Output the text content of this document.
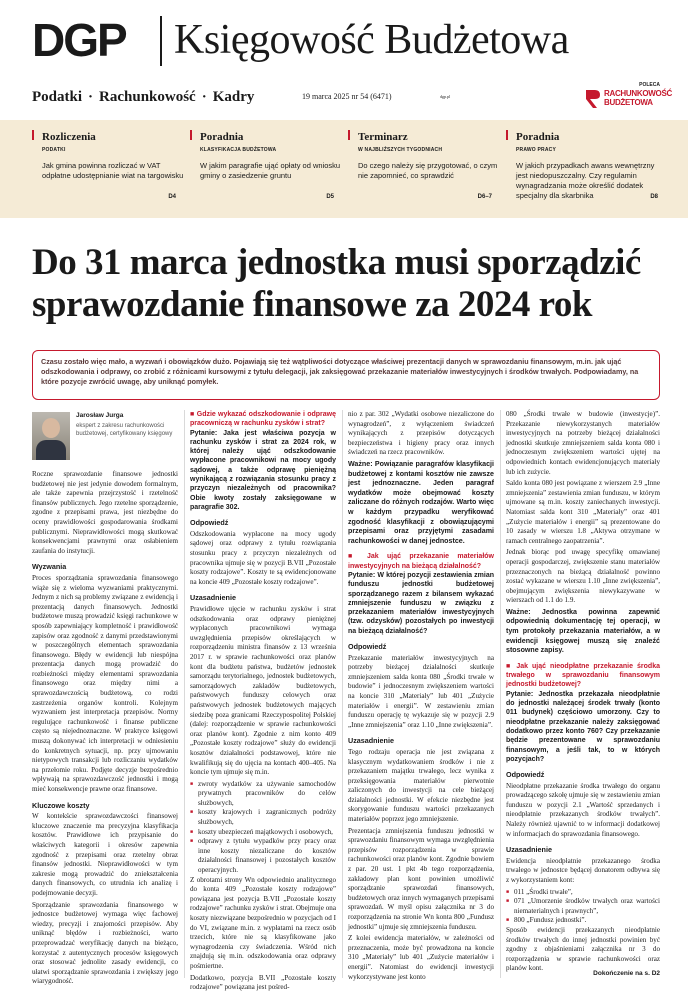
DGP Księgowość Budżetowa
Podatki · Rachunkowość · Kadry	19 marca 2025 nr 54 (6471)	dgp.pl
POLECA
RACHUNKOWOŚĆ
BUDŻETOWA
Rozliczenia
PODATKI
Jak gmina powinna rozliczać w VAT odpłatne udostępnianie wiat na targowisku
D4
Poradnia
KLASYFIKACJA BUDŻETOWA
W jakim paragrafie ująć opłaty od wniosku gminy o zasiedzenie gruntu
D5
Terminarz
W NAJBLIŻSZYCH TYGODNIACH
Do czego należy się przygotować, o czym nie zapomnieć, co sprawdzić
D6–7
Poradnia
PRAWO PRACY
W jakich przypadkach awans wewnętrzny jest niedopuszczalny. Czy regulamin wynagradzania może określić dodatek specjalny dla skarbnika	D8
Do 31 marca jednostka musi sporządzić sprawozdanie finansowe za 2024 rok
Czasu zostało więc mało, a wyzwań i obowiązków dużo. Pojawiają się też wątpliwości dotyczące właściwej prezentacji danych w sprawozdaniu finansowym, m.in. jak ująć odszkodowania i odprawy, co zrobić z różnicami kursowymi z tytułu delegacji, jak zaksięgować przekazanie materiałów inwestycyjnych i środków trwałych. Podpowiadamy, na które pozycje zwrócić uwagę, aby uniknąć pomyłek.
Jarosław Jurga
ekspert z zakresu rachunkowości budżetowej, certyfikowany księgowy

Roczne sprawozdanie finansowe jednostki budżetowej nie jest jedynie dowodem formalnym, ale także zapewnia przejrzystość i rzetelność finansów publicznych. Jego rzetelne sporządzenie, zgodne z przepisami prawa, jest niezbędne do oceny prawidłowości gospodarowania środkami publicznymi. Nieprawidłowości mogą skutkować konsekwencjami prawnymi oraz osłabieniem zaufania do instytucji.

Wyzwania

Proces sporządzania sprawozdania finansowego wiąże się z wieloma wyzwaniami praktycznymi. Jednym z nich są problemy związane z ewidencją i prezentacją danych finansowych. Jednostki budżetowe muszą prowadzić księgi rachunkowe w sposób zapewniający kompletność i prawidłowość zapisów oraz zgodność z danymi przedstawionymi w poszczególnych elementach sprawozdania finansowego. Błędy w ewidencji lub niespójna prezentacja danych mogą prowadzić do rozbieżności między elementami sprawozdania finansowego oraz między nimi a sprawozdawczością budżetową, co rodzi zastrzeżenia organów kontroli. Kolejnym wyzwaniem jest interpretacja przepisów. Normy regulujące rachunkowość i finanse publiczne często są niejednoznaczne. W praktyce księgowi muszą dokonywać ich interpretacji w odniesieniu do konkretnych sytuacji, np. przy ujmowaniu nietypowych transakcji lub rozliczaniu wydatków na przełomie roku. Podjęte decyzje bezpośrednio wpływają na sprawozdawczość jednostki i mogą mieć konsekwencje prawne oraz finansowe.

Kluczowe koszty

W kontekście sprawozdawczości finansowej kluczowe znaczenie ma precyzyjna klasyfikacja kosztów. Prawidłowe ich przypisanie do właściwych kategorii i okresów zapewnia zgodność z przepisami oraz rzetelny obraz finansów jednostki. Nieprawidłowości w tym zakresie mogą prowadzić do zniekształcenia danych finansowych, co utrudnia ich analizę i podejmowanie decyzji.

Sporządzanie sprawozdania finansowego w jednostce budżetowej wymaga więc fachowej wiedzy, precyzji i znajomości przepisów. Aby uniknąć błędów i rozbieżności, warto przeprowadzać weryfikację danych na bieżąco, korzystać z autentycznych procesów księgowych oraz stosować jednolite zasady ewidencji, co ułatwi sporządzanie sprawozdania i zwiększy jego wiarygodność.

■ Gdzie wykazać odszkodowanie i odprawę pracowniczą w rachunku zysków i strat?

Pytanie: Jaka jest właściwa pozycja w rachunku zysków i strat za 2024 rok, w której należy ująć odszkodowanie wypłacone pracownikowi na mocy ugody sądowej, a także odprawę pieniężną wynikającą z rozwiązania stosunku pracy z przyczyn niezależnych od pracownika? Obie kwoty zostały zaksięgowane w paragrafie 302.

Odpowiedź

Odszkodowania wypłacone na mocy ugody sądowej oraz odprawy z tytułu rozwiązania stosunku pracy z przyczyn niezależnych od pracownika ujmuje się w pozycji B.VII „Pozostałe koszty rodzajowe”. Koszty te są ewidencjonowane na koncie 409 „Pozostałe koszty rodzajowe”.

Uzasadnienie

Prawidłowe ujęcie w rachunku zysków i strat odszkodowania oraz odprawy pieniężnej wypłaconych pracownikowi wymaga uwzględnienia przepisów określających w rozporządzeniu ministra finansów z 13 września 2017 r. w sprawie rachunkowości oraz planów kont dla budżetu państwa, budżetów jednostek samorządu terytorialnego, jednostek budżetowych, samorządowych zakładów budżetowych, państwowych funduszy celowych oraz państwowych jednostek budżetowych mających siedzibę poza granicami Rzeczypospolitej Polskiej (dalej: rozporządzenie w sprawie rachunkowości oraz planów kont). Zgodnie z nim konto 409 „Pozostałe koszty rodzajowe” służy do ewidencji kosztów działalności podstawowej, które nie kwalifikują się do ujęcia na kontach 400–405. Na koncie tym ujmuje się m.in.

■ zwroty wydatków za używanie samochodów prywatnych pracowników do celów służbowych,
■ koszty krajowych i zagranicznych podróży służbowych,
■ koszty ubezpieczeń majątkowych i osobowych,
■ odprawy z tytułu wypadków przy pracy oraz inne koszty niezaliczane do kosztów działalności finansowej i pozostałych kosztów operacyjnych.

Z obrotami strony Wn odpowiednio analitycznego do konta 409 „Pozostałe koszty rodzajowe” powiązana jest pozycja B.VII „Pozostałe koszty rodzajowe” rachunku zysków i strat. Obejmuje ona koszty niezwiązane bezpośrednio w pozycjach od I do VI, związane m.in. z wypłatami na rzecz osób trzecich, które nie są klasyfikowane jako wynagrodzenia czy świadczenia. Wśród nich znajdują się m.in. odszkodowania oraz odprawy pośmiertne.

Dodatkowo, pozycja B.VII „Pozostałe koszty rodzajowe” powiązana jest pośred-

nio z par. 302 „Wydatki osobowe niezaliczone do wynagrodzeń”, z wyłączeniem świadczeń wynikających z przepisów dotyczących bezpieczeństwa i higieny pracy oraz innych świadczeń na rzecz pracowników.

Ważne: Powiązanie paragrafów klasyfikacji budżetowej z kontami kosztów nie zawsze jest jednoznaczne. Jeden paragraf wydatków może obejmować koszty zaliczane do różnych rodzajów. Warto więc w każdym przypadku weryfikować zgodność klasyfikacji z obowiązującymi przepisami oraz przyjętymi zasadami rachunkowości w danej jednostce.

■ Jak ująć przekazanie materiałów inwestycyjnych na bieżącą działalność?

Pytanie: W której pozycji zestawienia zmian funduszu jednostki budżetowej sporządzanego razem z bilansem wykazać zmniejszenie funduszu w związku z przekazaniem materiałów inwestycyjnych (tzw. odzysków) pozostałych po inwestycji na bieżącą działalność?

Odpowiedź

Przekazanie materiałów inwestycyjnych na potrzeby bieżącej działalności skutkuje zmniejszeniem salda konta 080 „Środki trwałe w budowie” i jednoczesnym zwiększeniem wartości na koncie 310 „Materiały” lub 401 „Zużycie materiałów i energii”. W zestawieniu zmian funduszu operację tę wykazuje się w pozycji 2.9 „Inne zmniejszenia” oraz 1.10 „Inne zwiększenia”.

Uzasadnienie

Tego rodzaju operacja nie jest związana z klasycznym wydatkowaniem środków i nie z przekazaniem majątku trwałego, lecz wynika z przeksięgowania materiałów pierwotnie zaliczonych do inwestycji na cele bieżącej działalności jednostki. W efekcie niezbędne jest skorygowanie funduszu wartości przekazanych materiałów poprzez jego zmniejszenie.

Prezentacja zmniejszenia funduszu jednostki w sprawozdaniu finansowym wymaga uwzględnienia przepisów rozporządzenia w sprawie rachunkowości oraz planów kont. Zgodnie bowiem z par. 20 ust. 1 pkt 4b tego rozporządzenia, zakładowy plan kont powinien umożliwić sporządzanie sprawozdań finansowych, budżetowych oraz innych wymaganych przepisami sprawozdań. W myśl opisu załącznika nr 3 do rozporządzenia na stronie Wn konta 800 „Fundusz jednostki” ujmuje się zmniejszenia funduszu.

Z kolei ewidencja materiałów, w zależności od przeznaczenia, może być prowadzona na koncie 310 „Materiały” lub 401 „Zużycie materiałów i energii”. Natomiast do ewidencji inwestycji wykorzystywane jest konto

080 „Środki trwałe w budowie (inwestycje)”. Przekazanie niewykorzystanych materiałów inwestycyjnych na potrzeby bieżącej działalności jednostki skutkuje zmniejszeniem salda konta 080 i jednoczesnym zwiększeniem wartości ujętej na odpowiednich kontach ewidencjonujących materiały lub ich zużycie.

Saldo konta 080 jest powiązane z wierszem 2.9 „Inne zmniejszenia” zestawienia zmian funduszu, w którym ujmowane są m.in. koszty zaniechanych inwestycji. Natomiast salda kont 310 „Materiały” oraz 401 „Zużycie materiałów i energii” są prezentowane do 10 zasady w wierszu 1.8 „Aktywa otrzymane w ramach centralnego zaopatrzenia”.

Jednak biorąc pod uwagę specyfikę omawianej operacji gospodarczej, zwiększenie stanu materiałów przeznaczonych na bieżącą działalność powinno zostać wykazane w wierszu 1.10 „Inne zwiększenia”, obejmującym zwiększenia niewykazywane w wierszach od 1.1 do 1.9.

Ważne: Jednostka powinna zapewnić odpowiednią dokumentację tej operacji, w tym protokoły przekazania materiałów, a w ewidencji księgowej muszą się znaleźć stosowne zapisy.

■ Jak ująć nieodpłatne przekazanie środka trwałego w sprawozdaniu finansowym jednostki budżetowej?

Pytanie: Jednostka przekazała nieodpłatnie do jednostki należącej środek trwały (konto 011 budynek) częściowo umorzony. Czy to nieodpłatne przekazanie należy zaksięgować dodatkowo przez konto 760? Czy przekazanie będzie prezentowane w sprawozdaniu finansowym, a jeśli tak, to w których pozycjach?

Odpowiedź

Nieodpłatne przekazanie środka trwałego do organu prowadzącego szkołę ujmuje się w zestawieniu zmian funduszu w pozycji 2.1 „Wartość sprzedanych i nieodpłatnie przekazanych środków trwałych”. Należy również ujawnić to w informacji dodatkowej w informacjach do sprawozdania finansowego.

Uzasadnienie

Ewidencja nieodpłatnie przekazanego środka trwałego w jednostce będącej donatorem odbywa się z wykorzystaniem kont:

■ 011 „Środki trwałe”,
■ 071 „Umorzenie środków trwałych oraz wartości niematerialnych i prawnych”,
■ 800 „Fundusz jednostki”.

Sposób ewidencji przekazanych nieodpłatnie środków trwałych do innej jednostki powinien być zgodny z objaśnieniami załącznika nr 3 do rozporządzenia w sprawie rachunkowości oraz planów kont.

Dokończenie na s. D2
